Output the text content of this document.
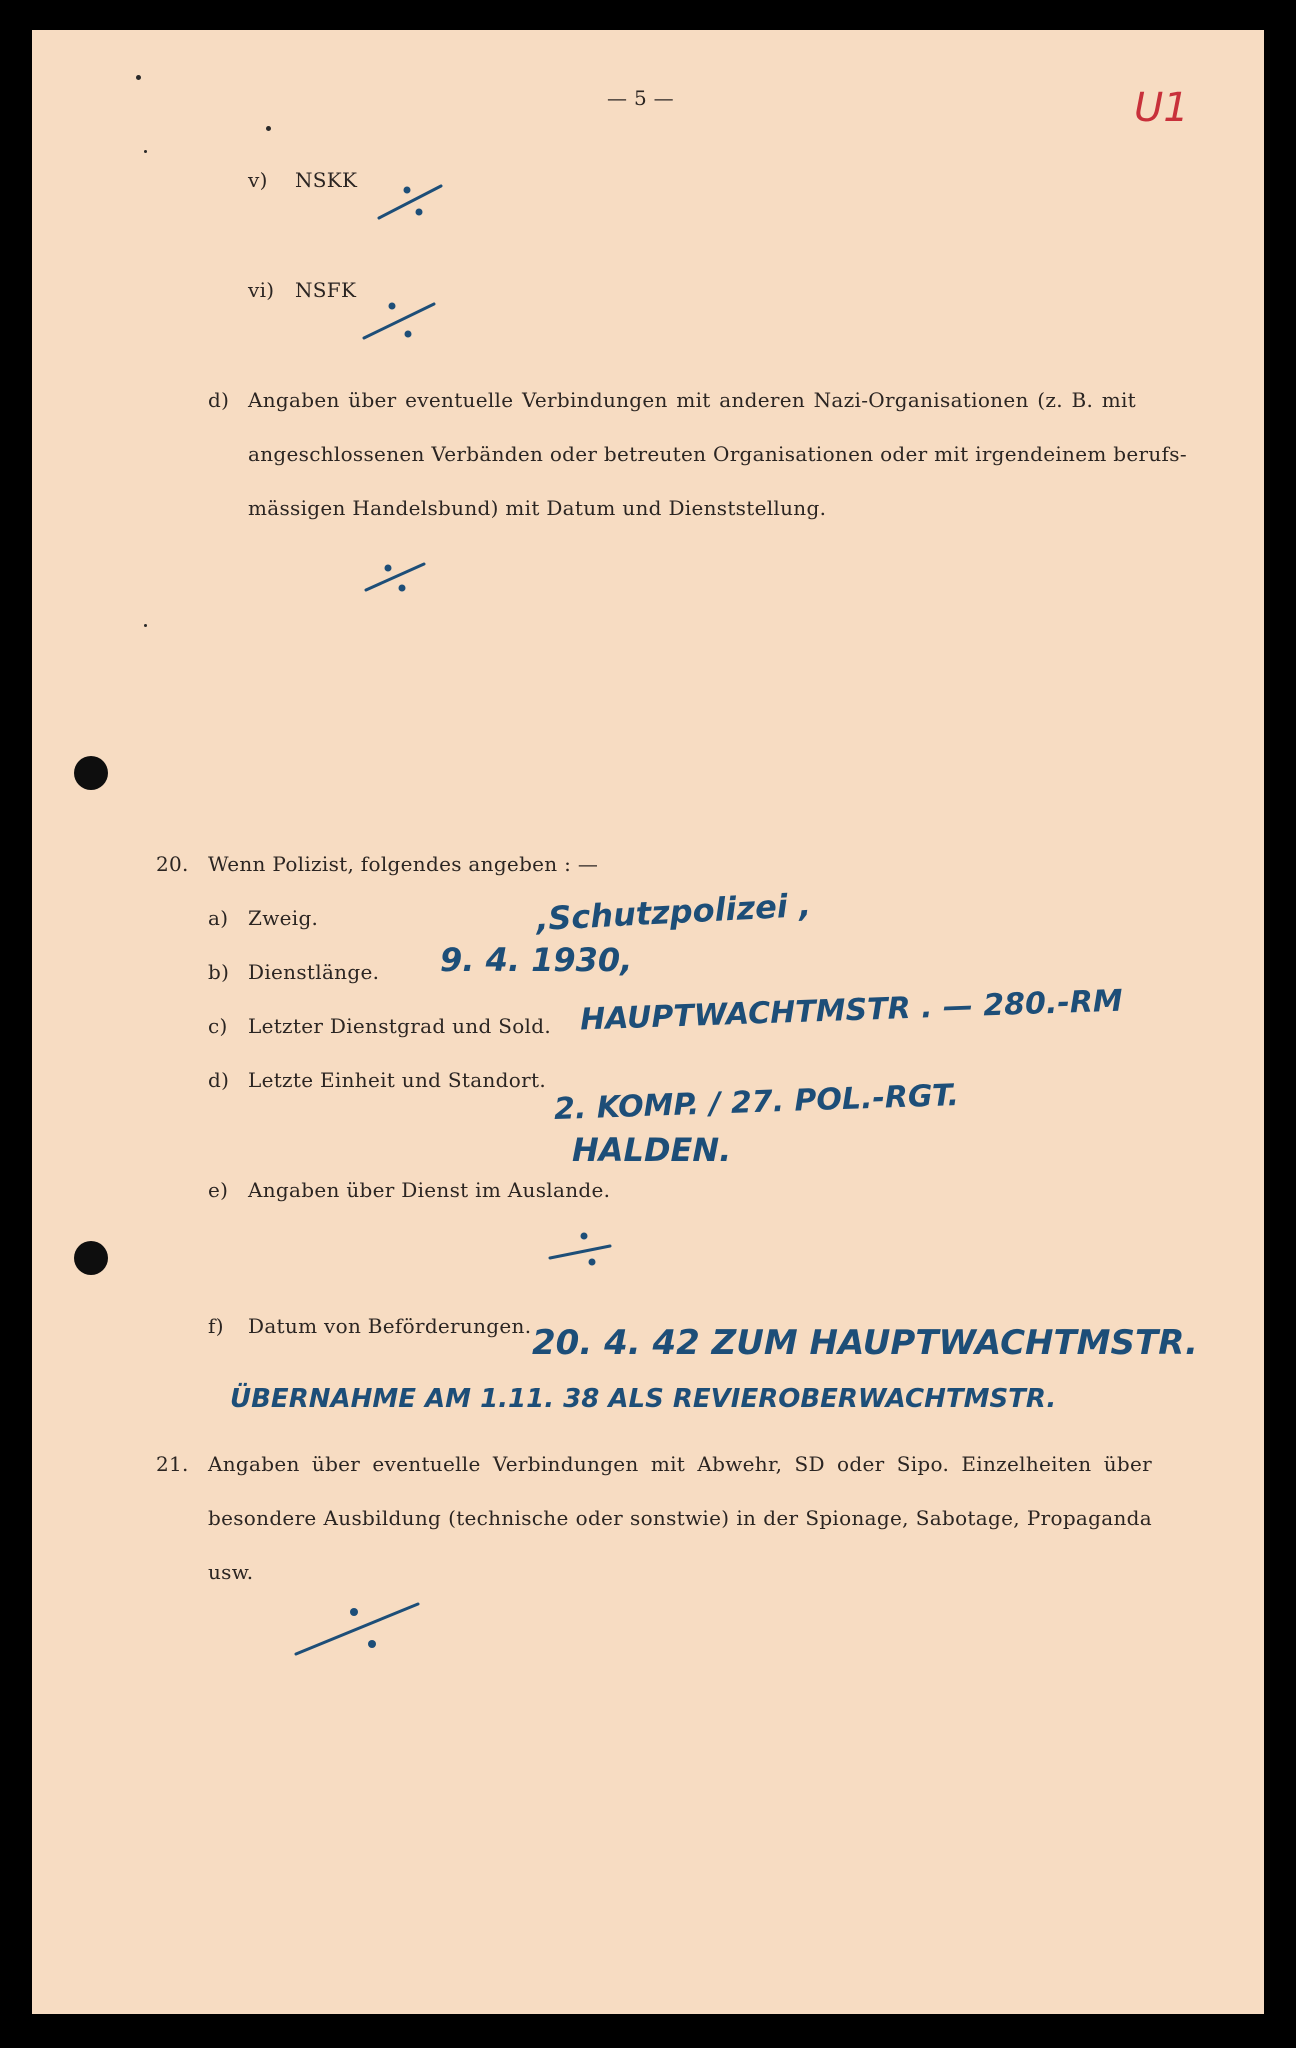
— 5 —	U1
v) NSKK
vi) NSFK
d) Angaben über eventuelle Verbindungen mit anderen Nazi-Organisationen (z. B. mit
angeschlossenen Verbänden oder betreuten Organisationen oder mit irgendeinem berufs-
mässigen Handelsbund) mit Datum und Dienststellung.
20. Wenn Polizist, folgendes angeben : —
a) Zweig.	,Schutzpolizei ,
b) Dienstlänge. 9. 4. 1930,
c) Letzter Dienstgrad und Sold. HAUPTWACHTMSTR . — 280.-RM
d) Letzte Einheit und Standort. 2. KOMP. / 27. POL.-RGT.
HALDEN.
e) Angaben über Dienst im Auslande.
f) Datum von Beförderungen. 20. 4. 42 ZUM HAUPTWACHTMSTR.
ÜBERNAHME AM 1.11. 38 ALS REVIEROBERWACHTMSTR.
21. Angaben über eventuelle Verbindungen mit Abwehr, SD oder Sipo. Einzelheiten über
besondere Ausbildung (technische oder sonstwie) in der Spionage, Sabotage, Propaganda
usw.
